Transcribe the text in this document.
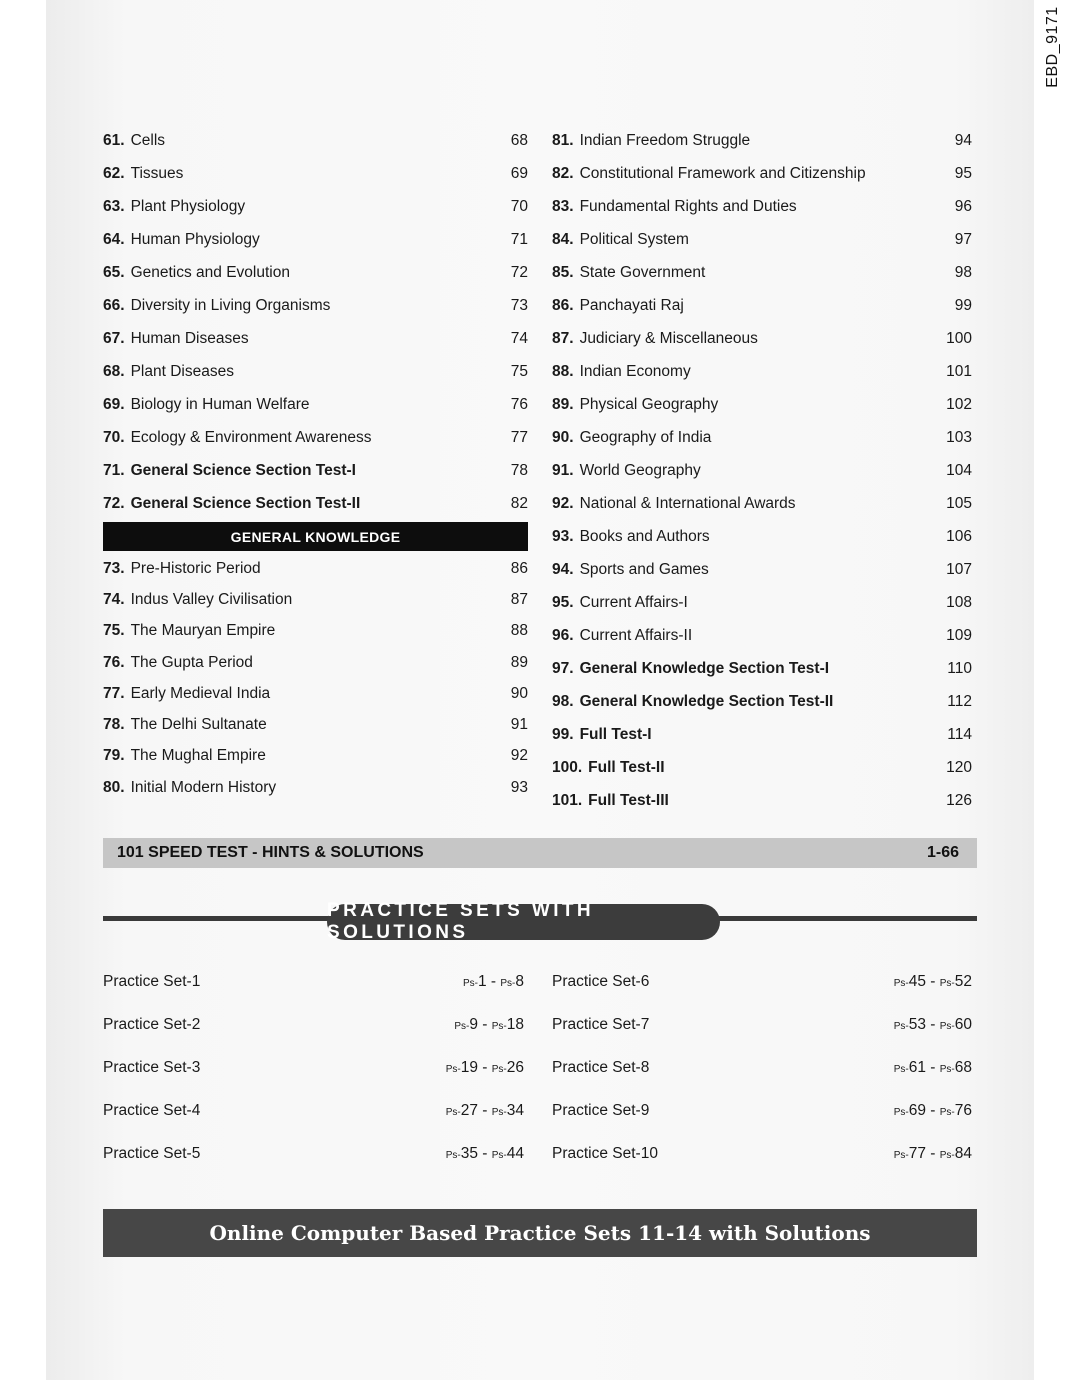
EBD_9171
61. Cells	68
62. Tissues	69
63. Plant Physiology	70
64. Human Physiology	71
65. Genetics and Evolution	72
66. Diversity in Living Organisms	73
67. Human Diseases	74
68. Plant Diseases	75
69. Biology in Human Welfare	76
70. Ecology & Environment Awareness	77
71. General Science Section Test-I	78
72. General Science Section Test-II	82
GENERAL KNOWLEDGE
73. Pre-Historic Period	86
74. Indus Valley Civilisation	87
75. The Mauryan Empire	88
76. The Gupta Period	89
77. Early Medieval India	90
78. The Delhi Sultanate	91
79. The Mughal Empire	92
80. Initial Modern History	93
81. Indian Freedom Struggle	94
82. Constitutional Framework and Citizenship	95
83. Fundamental Rights and Duties	96
84. Political System	97
85. State Government	98
86. Panchayati Raj	99
87. Judiciary & Miscellaneous	100
88. Indian Economy	101
89. Physical Geography	102
90. Geography of India	103
91. World Geography	104
92. National & International Awards	105
93. Books and Authors	106
94. Sports and Games	107
95. Current Affairs-I	108
96. Current Affairs-II	109
97. General Knowledge Section Test-I	110
98. General Knowledge Section Test-II	112
99. Full Test-I	114
100. Full Test-II	120
101. Full Test-III	126
101 SPEED TEST - HINTS & SOLUTIONS	1-66
PRACTICE SETS WITH SOLUTIONS
Practice Set-1	Ps-1 - Ps-8
Practice Set-2	Ps-9 - Ps-18
Practice Set-3	Ps-19 - Ps-26
Practice Set-4	Ps-27 - Ps-34
Practice Set-5	Ps-35 - Ps-44
Practice Set-6	Ps-45 - Ps-52
Practice Set-7	Ps-53 - Ps-60
Practice Set-8	Ps-61 - Ps-68
Practice Set-9	Ps-69 - Ps-76
Practice Set-10	Ps-77 - Ps-84
Online Computer Based Practice Sets 11-14 with Solutions
